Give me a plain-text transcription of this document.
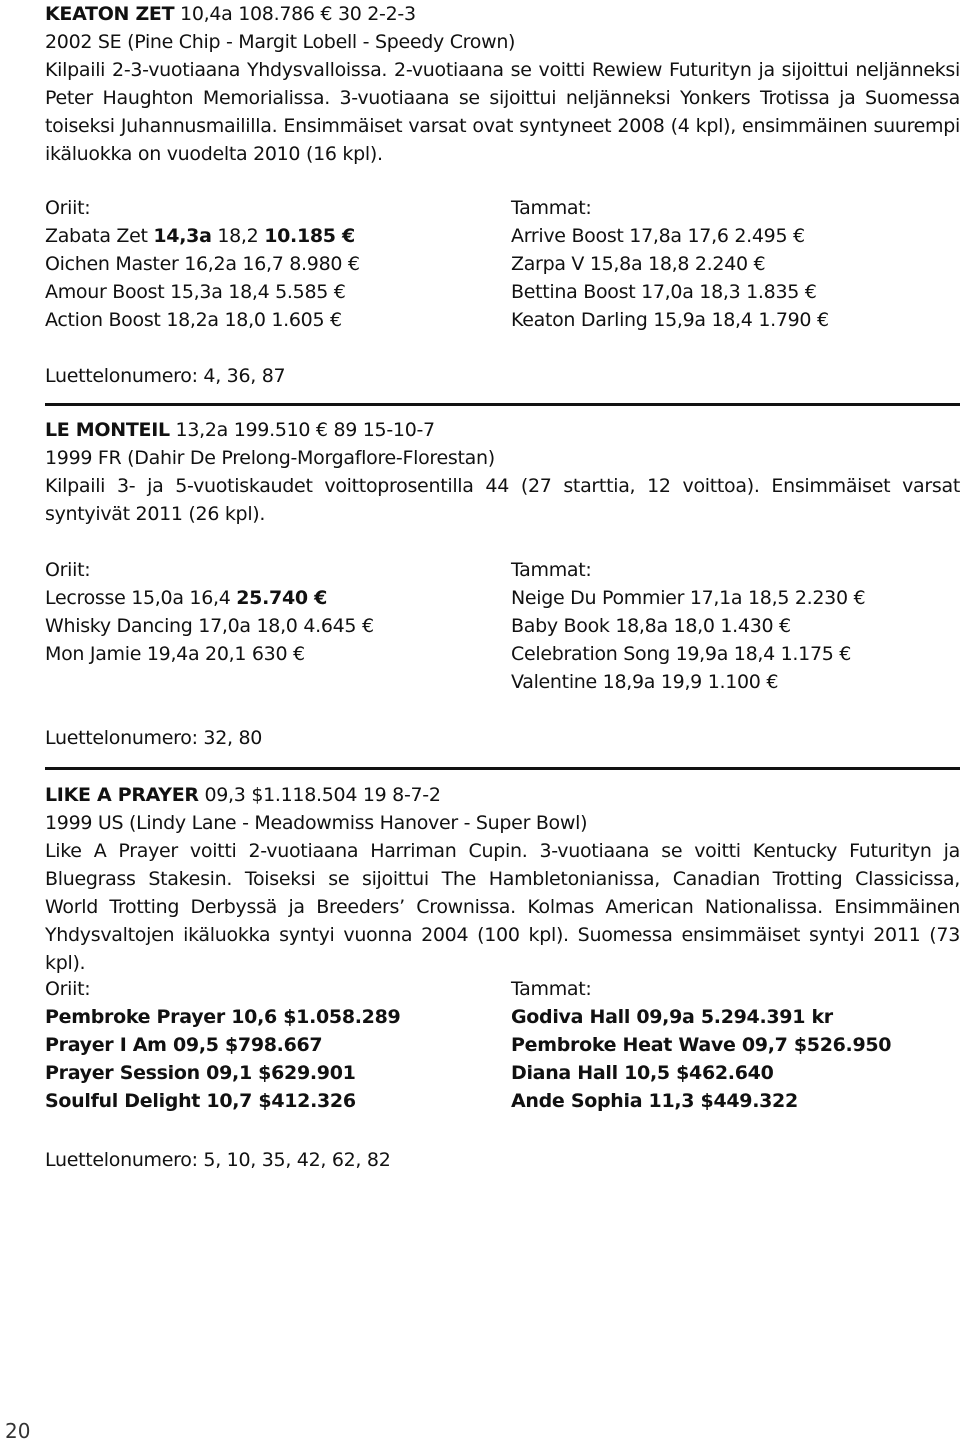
KEATON ZET 10,4a 108.786 € 30 2-2-3
2002 SE (Pine Chip - Margit Lobell - Speedy Crown)
Kilpaili 2-3-vuotiaana Yhdysvalloissa. 2-vuotiaana se voitti Rewiew Futurityn ja sijoittui neljänneksi
Peter Haughton Memorialissa. 3-vuotiaana se sijoittui neljänneksi Yonkers Trotissa ja Suomessa
toiseksi Juhannusmaililla. Ensimmäiset varsat ovat syntyneet 2008 (4 kpl), ensimmäinen suurempi
ikäluokka on vuodelta 2010 (16 kpl).
Oriit:
Zabata Zet 14,3a 18,2 10.185 €
Oichen Master 16,2a 16,7 8.980 €
Amour Boost 15,3a 18,4 5.585 €
Action Boost 18,2a 18,0 1.605 €
Tammat:
Arrive Boost 17,8a 17,6 2.495 €
Zarpa V 15,8a 18,8 2.240 €
Bettina Boost 17,0a 18,3 1.835 €
Keaton Darling 15,9a 18,4 1.790 €
Luettelonumero: 4, 36, 87
LE MONTEIL 13,2a 199.510 € 89 15-10-7
1999 FR (Dahir De Prelong-Morgaflore-Florestan)
Kilpaili 3- ja 5-vuotiskaudet voittoprosentilla 44 (27 starttia, 12 voittoa). Ensimmäiset varsat
syntyivät 2011 (26 kpl).
Oriit:
Lecrosse 15,0a 16,4 25.740 €
Whisky Dancing 17,0a 18,0 4.645 €
Mon Jamie 19,4a 20,1 630 €
Tammat:
Neige Du Pommier 17,1a 18,5 2.230 €
Baby Book 18,8a 18,0 1.430 €
Celebration Song 19,9a 18,4 1.175 €
Valentine 18,9a 19,9 1.100 €
Luettelonumero: 32, 80
LIKE A PRAYER 09,3 $1.118.504 19 8-7-2
1999 US (Lindy Lane - Meadowmiss Hanover - Super Bowl)
Like A Prayer voitti 2-vuotiaana Harriman Cupin. 3-vuotiaana se voitti Kentucky Futurityn ja
Bluegrass Stakesin. Toiseksi se sijoittui The Hambletonianissa, Canadian Trotting Classicissa,
World Trotting Derbyssä ja Breeders’ Crownissa. Kolmas American Nationalissa. Ensimmäinen
Yhdysvaltojen ikäluokka syntyi vuonna 2004 (100 kpl). Suomessa ensimmäiset syntyi 2011 (73 kpl).
Oriit:
Pembroke Prayer 10,6 $1.058.289
Prayer I Am 09,5 $798.667
Prayer Session 09,1 $629.901
Soulful Delight 10,7 $412.326
Tammat:
Godiva Hall 09,9a 5.294.391 kr
Pembroke Heat Wave 09,7 $526.950
Diana Hall 10,5 $462.640
Ande Sophia 11,3 $449.322
Luettelonumero: 5, 10, 35, 42, 62, 82
20
